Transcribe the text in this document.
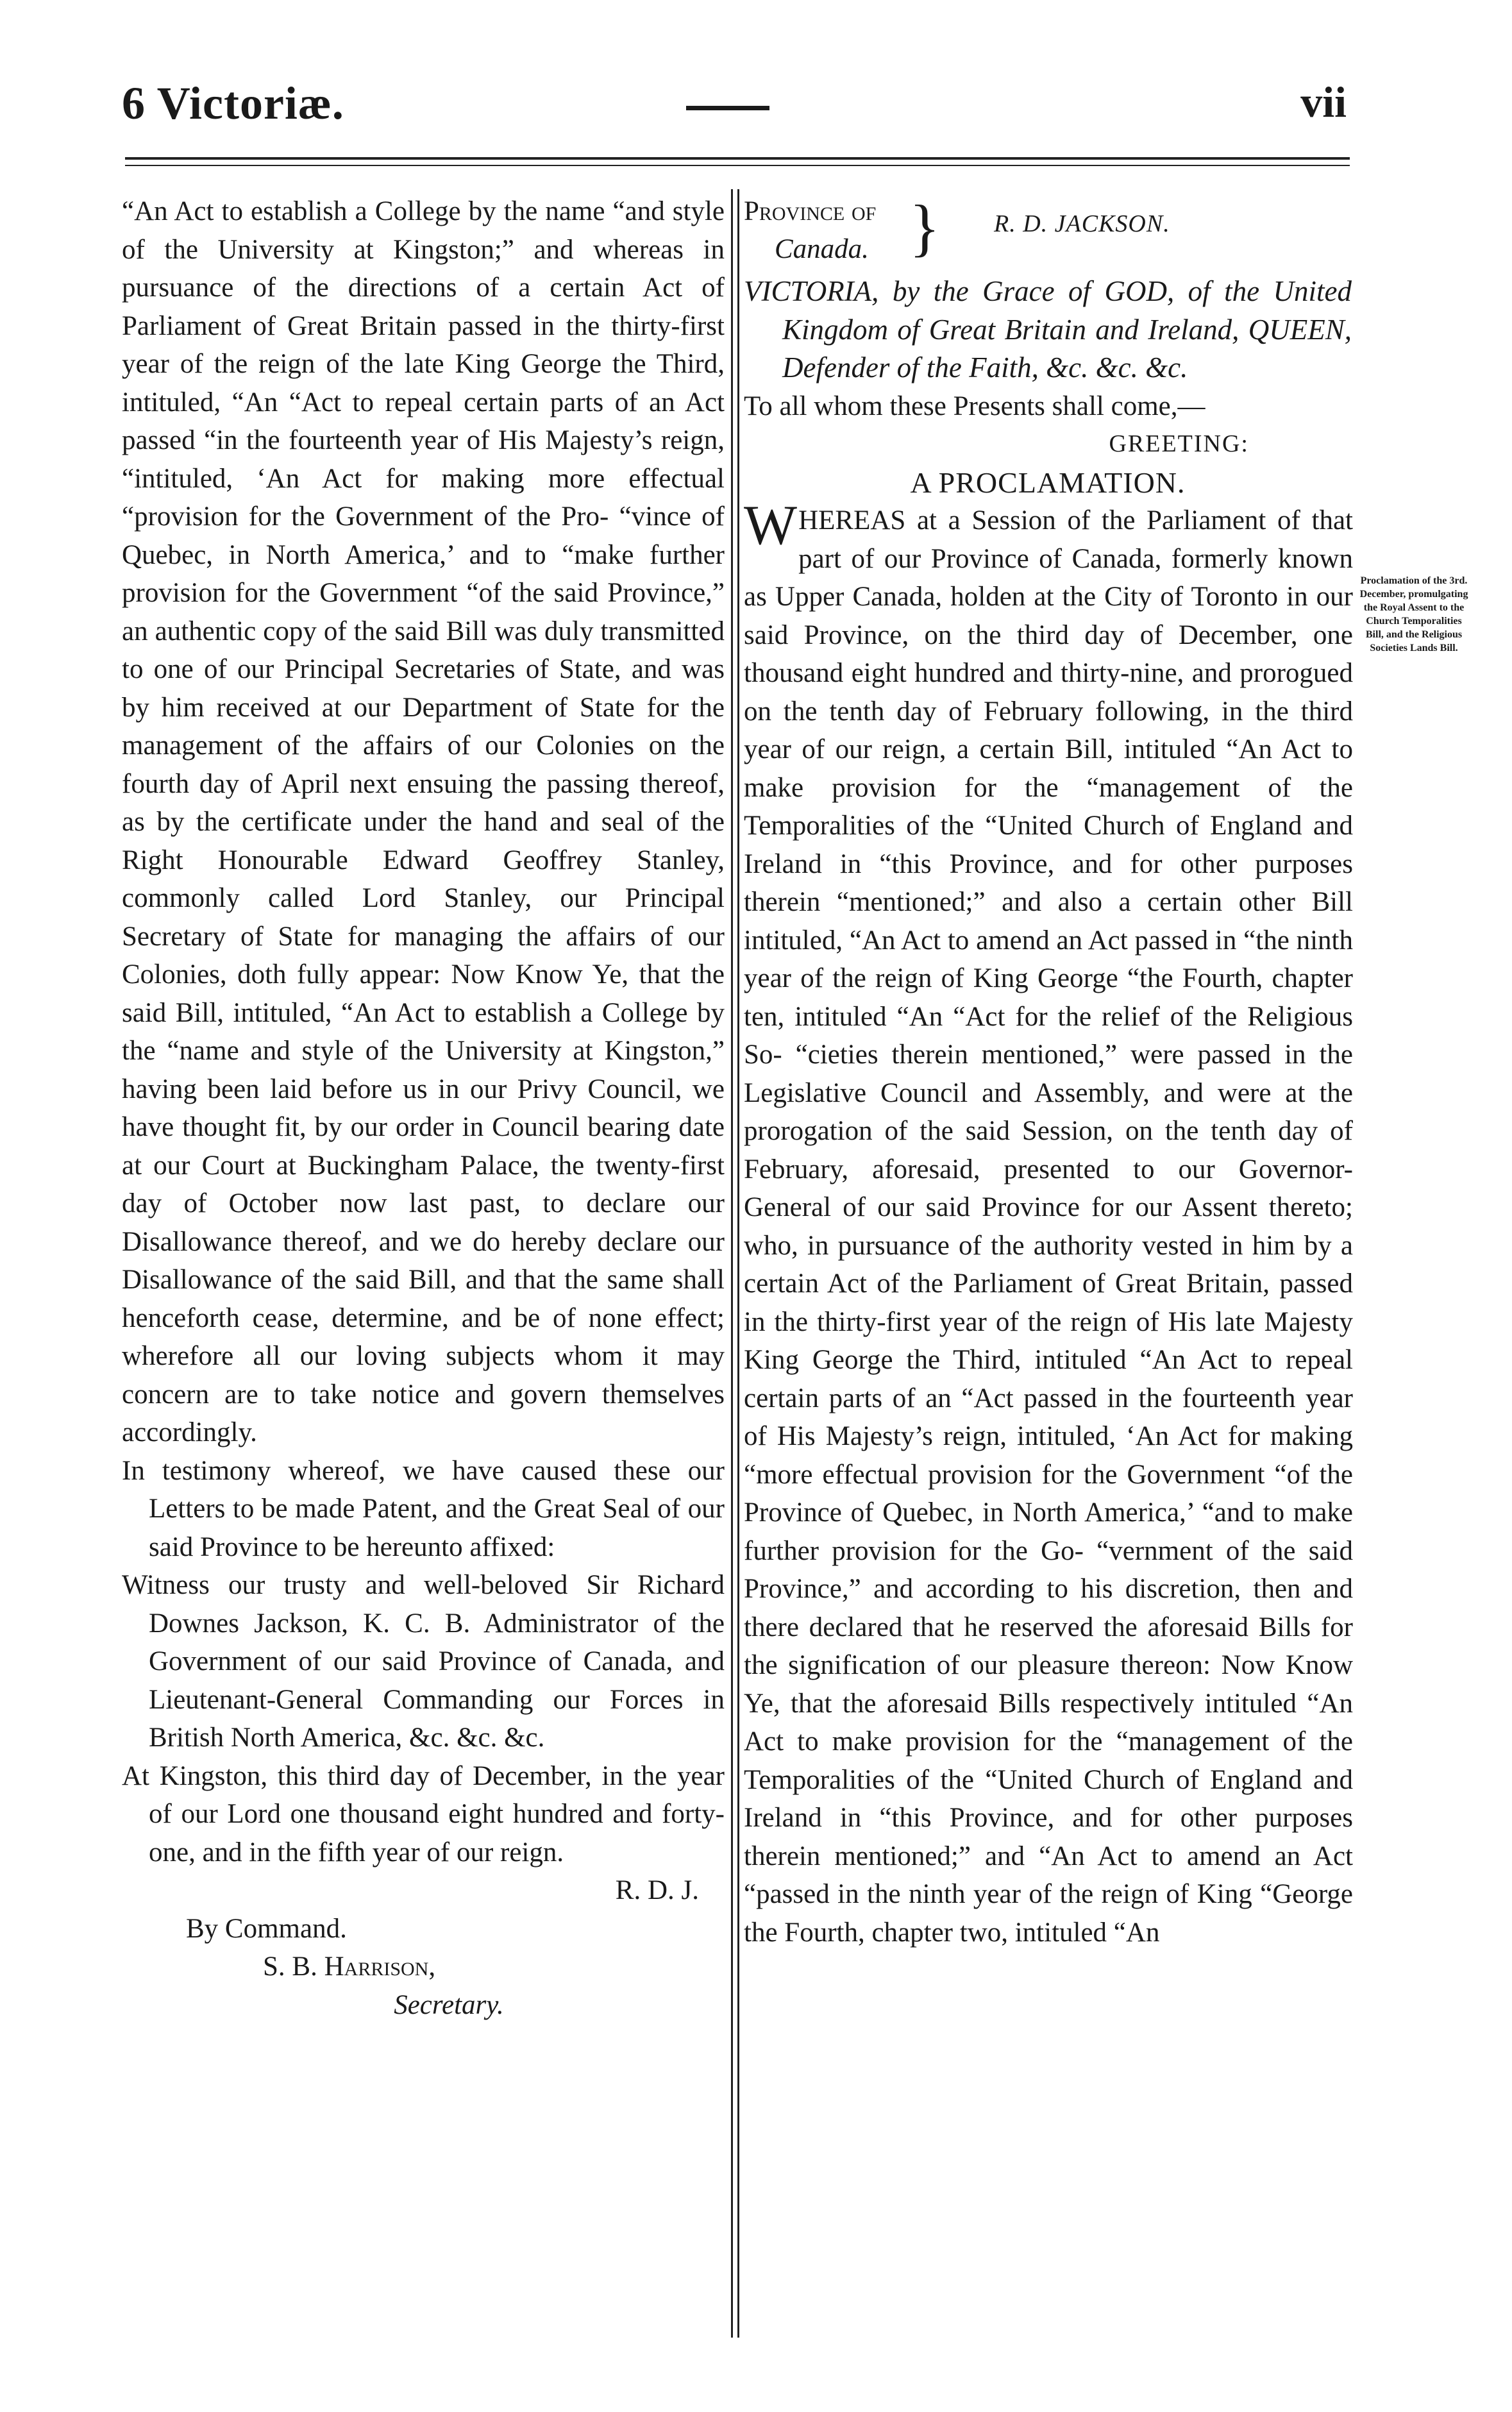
6 Victoriæ.	vii

“An Act to establish a College by the name “and style of the University at Kingston;” and whereas in pursuance of the directions of a certain Act of Parliament of Great Britain passed in the thirty-first year of the reign of the late King George the Third, intituled, “An “Act to repeal certain parts of an Act passed “in the fourteenth year of His Majesty’s reign, “intituled, ‘An Act for making more effectual “provision for the Government of the Pro- “vince of Quebec, in North America,’ and to “make further provision for the Government “of the said Province,” an authentic copy of the said Bill was duly transmitted to one of our Principal Secretaries of State, and was by him received at our Department of State for the management of the affairs of our Colonies on the fourth day of April next ensuing the passing thereof, as by the certificate under the hand and seal of the Right Honourable Edward Geoffrey Stanley, commonly called Lord Stanley, our Principal Secretary of State for managing the affairs of our Colonies, doth fully appear: Now Know Ye, that the said Bill, intituled, “An Act to establish a College by the “name and style of the University at Kingston,” having been laid before us in our Privy Council, we have thought fit, by our order in Council bearing date at our Court at Buckingham Palace, the twenty-first day of October now last past, to declare our Disallowance thereof, and we do hereby declare our Disallowance of the said Bill, and that the same shall henceforth cease, determine, and be of none effect; wherefore all our loving subjects whom it may concern are to take notice and govern themselves accordingly.

In testimony whereof, we have caused these our Letters to be made Patent, and the Great Seal of our said Province to be hereunto affixed:

Witness our trusty and well-beloved Sir Richard Downes Jackson, K. C. B. Administrator of the Government of our said Province of Canada, and Lieutenant-General Commanding our Forces in British North America, &c. &c. &c.

At Kingston, this third day of December, in the year of our Lord one thousand eight hundred and forty-one, and in the fifth year of our reign.

R. D. J.

By Command.

S. B. Harrison,

Secretary.

Province of
Canada. } R. D. JACKSON.

VICTORIA, by the Grace of GOD, of the United Kingdom of Great Britain and Ireland, QUEEN, Defender of the Faith, &c. &c. &c.

To all whom these Presents shall come,—

GREETING:

A PROCLAMATION.

WHEREAS at a Session of the Parliament of that part of our Province of Canada, formerly known as Upper Canada, holden at the City of Toronto in our said Province, on the third day of December, one thousand eight hundred and thirty-nine, and prorogued on the tenth day of February following, in the third year of our reign, a certain Bill, intituled “An Act to make provision for the “management of the Temporalities of the “United Church of England and Ireland in “this Province, and for other purposes therein “mentioned;” and also a certain other Bill intituled, “An Act to amend an Act passed in “the ninth year of the reign of King George “the Fourth, chapter ten, intituled “An “Act for the relief of the Religious So- “cieties therein mentioned,” were passed in the Legislative Council and Assembly, and were at the prorogation of the said Session, on the tenth day of February, aforesaid, presented to our Governor-General of our said Province for our Assent thereto; who, in pursuance of the authority vested in him by a certain Act of the Parliament of Great Britain, passed in the thirty-first year of the reign of His late Majesty King George the Third, intituled “An Act to repeal certain parts of an “Act passed in the fourteenth year of His Majesty’s reign, intituled, ‘An Act for making “more effectual provision for the Government “of the Province of Quebec, in North America,’ “and to make further provision for the Go- “vernment of the said Province,” and according to his discretion, then and there declared that he reserved the aforesaid Bills for the signification of our pleasure thereon: Now Know Ye, that the aforesaid Bills respectively intituled “An Act to make provision for the “management of the Temporalities of the “United Church of England and Ireland in “this Province, and for other purposes therein mentioned;” and “An Act to amend an Act “passed in the ninth year of the reign of King “George the Fourth, chapter two, intituled “An

Proclamation of the 3rd. December, promulgating the Royal Assent to the Church Temporalities Bill, and the Religious Societies Lands Bill.
